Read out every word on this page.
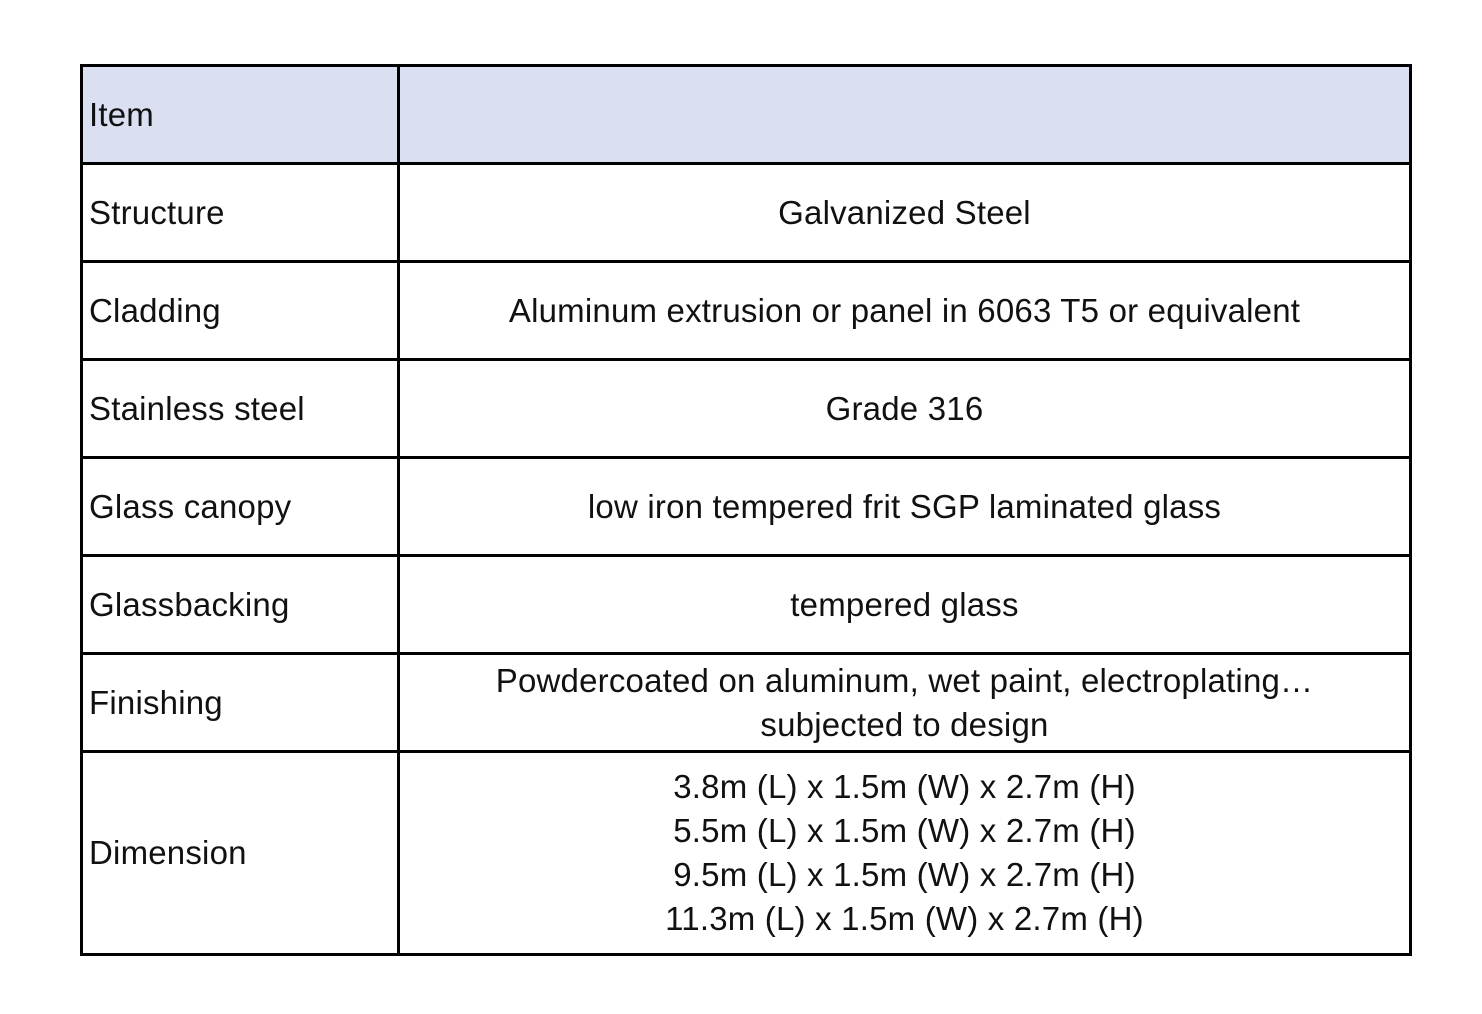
Item	
Structure	Galvanized Steel
Cladding	Aluminum extrusion or panel in 6063 T5 or equivalent
Stainless steel	Grade 316
Glass canopy	low iron tempered frit SGP laminated glass
Glassbacking	tempered glass
Finishing	Powdercoated on aluminum, wet paint, electroplating…
subjected to design

Dimension	3.8m (L) x 1.5m (W) x 2.7m (H)
5.5m (L) x 1.5m (W) x 2.7m (H)
9.5m (L) x 1.5m (W) x 2.7m (H)
11.3m (L) x 1.5m (W) x 2.7m (H)
